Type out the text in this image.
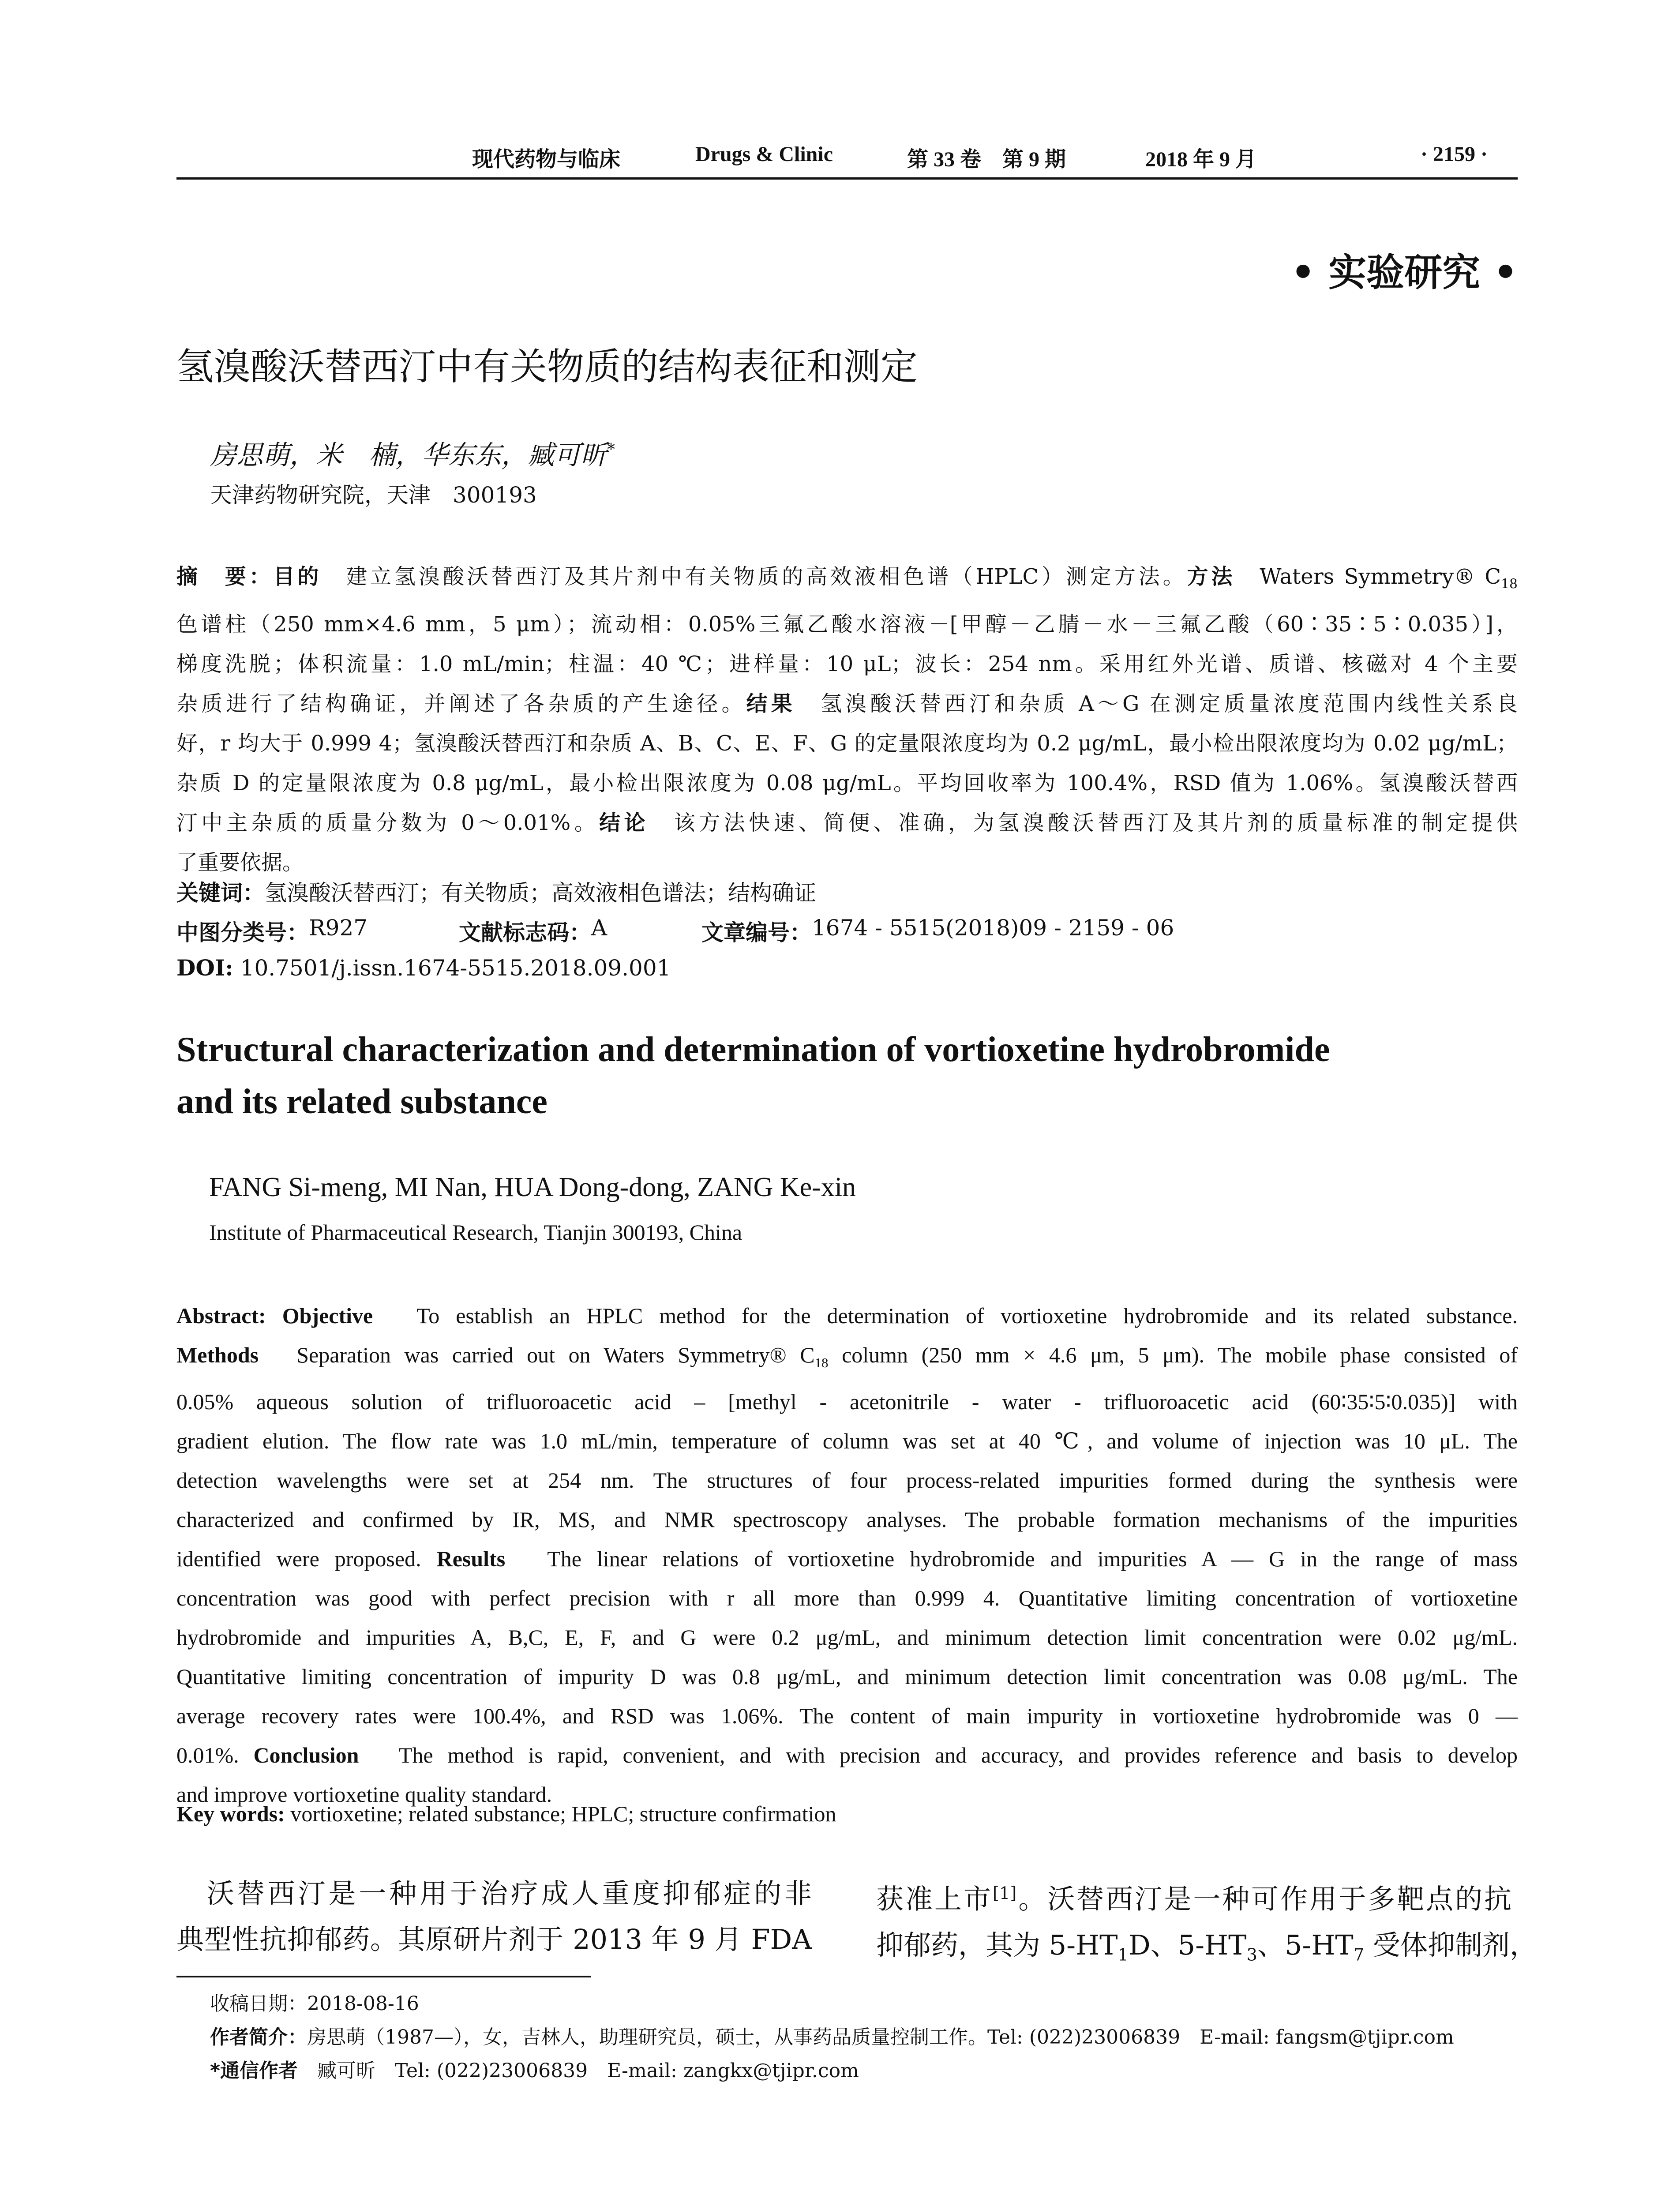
现代药物与临床	Drugs & Clinic	第 33 卷　第 9 期	2018 年 9 月	· 2159 ·
• 实验研究 •
氢溴酸沃替西汀中有关物质的结构表征和测定
房思萌，米　楠，华东东，臧可昕*
天津药物研究院，天津　300193
摘　要：目的　建立氢溴酸沃替西汀及其片剂中有关物质的高效液相色谱（HPLC）测定方法。方法　Waters Symmetry® $C_{18}$
色谱柱（250 mm×4.6 mm，5 μm）；流动相：0.05%三氟乙酸水溶液－[甲醇－乙腈－水－三氟乙酸（60∶35∶5∶0.035）]，
梯度洗脱；体积流量：1.0 mL/min；柱温：40 ℃；进样量：10 μL；波长：254 nm。采用红外光谱、质谱、核磁对 4 个主要
杂质进行了结构确证，并阐述了各杂质的产生途径。结果　氢溴酸沃替西汀和杂质 A～G 在测定质量浓度范围内线性关系良
好，r 均大于 0.999 4；氢溴酸沃替西汀和杂质 A、B、C、E、F、G 的定量限浓度均为 0.2 μg/mL，最小检出限浓度均为 0.02 μg/mL；
杂质 D 的定量限浓度为 0.8 μg/mL，最小检出限浓度为 0.08 μg/mL。平均回收率为 100.4%，RSD 值为 1.06%。氢溴酸沃替西
汀中主杂质的质量分数为 0～0.01%。结论　该方法快速、简便、准确，为氢溴酸沃替西汀及其片剂的质量标准的制定提供
了重要依据。
关键词：氢溴酸沃替西汀；有关物质；高效液相色谱法；结构确证
中图分类号： R927	文献标志码： A	文章编号： 1674 - 5515(2018)09 - 2159 - 06
DOI: 10.7501/j.issn.1674-5515.2018.09.001
Structural characterization and determination of vortioxetine hydrobromide
and its related substance
FANG Si-meng, MI Nan, HUA Dong-dong, ZANG Ke-xin
Institute of Pharmaceutical Research, Tianjin 300193, China
Abstract: Objective　To establish an HPLC method for the determination of vortioxetine hydrobromide and its related substance.
Methods　Separation was carried out on Waters Symmetry® $C_{18}$ column (250 mm × 4.6 μm, 5 μm). The mobile phase consisted of
0.05% aqueous solution of trifluoroacetic acid – [methyl - acetonitrile - water - trifluoroacetic acid (60∶35∶5∶0.035)] with
gradient elution. The flow rate was 1.0 mL/min, temperature of column was set at 40 ℃, and volume of injection was 10 μL. The
detection wavelengths were set at 254 nm. The structures of four process-related impurities formed during the synthesis were
characterized and confirmed by IR, MS, and NMR spectroscopy analyses. The probable formation mechanisms of the impurities
identified were proposed. Results　The linear relations of vortioxetine hydrobromide and impurities A — G in the range of mass
concentration was good with perfect precision with r all more than 0.999 4. Quantitative limiting concentration of vortioxetine
hydrobromide and impurities A, B,C, E, F, and G were 0.2 μg/mL, and minimum detection limit concentration were 0.02 μg/mL.
Quantitative limiting concentration of impurity D was 0.8 μg/mL, and minimum detection limit concentration was 0.08 μg/mL. The
average recovery rates were 100.4%, and RSD was 1.06%. The content of main impurity in vortioxetine hydrobromide was 0 —
0.01%. Conclusion　The method is rapid, convenient, and with precision and accuracy, and provides reference and basis to develop
and improve vortioxetine quality standard.
Key words: vortioxetine; related substance; HPLC; structure confirmation
　沃替西汀是一种用于治疗成人重度抑郁症的非
典型性抗抑郁药。其原研片剂于 2013 年 9 月 FDA
获准上市[1]。沃替西汀是一种可作用于多靶点的抗
抑郁药，其为 $5-HT_1D$、$5-HT_3$、$5-HT_7$ 受体抑制剂，
收稿日期：2018-08-16
作者简介：房思萌（1987—），女，吉林人，助理研究员，硕士，从事药品质量控制工作。Tel: (022)23006839　E-mail: fangsm@tjipr.com
*通信作者　臧可昕　Tel: (022)23006839　E-mail: zangkx@tjipr.com
